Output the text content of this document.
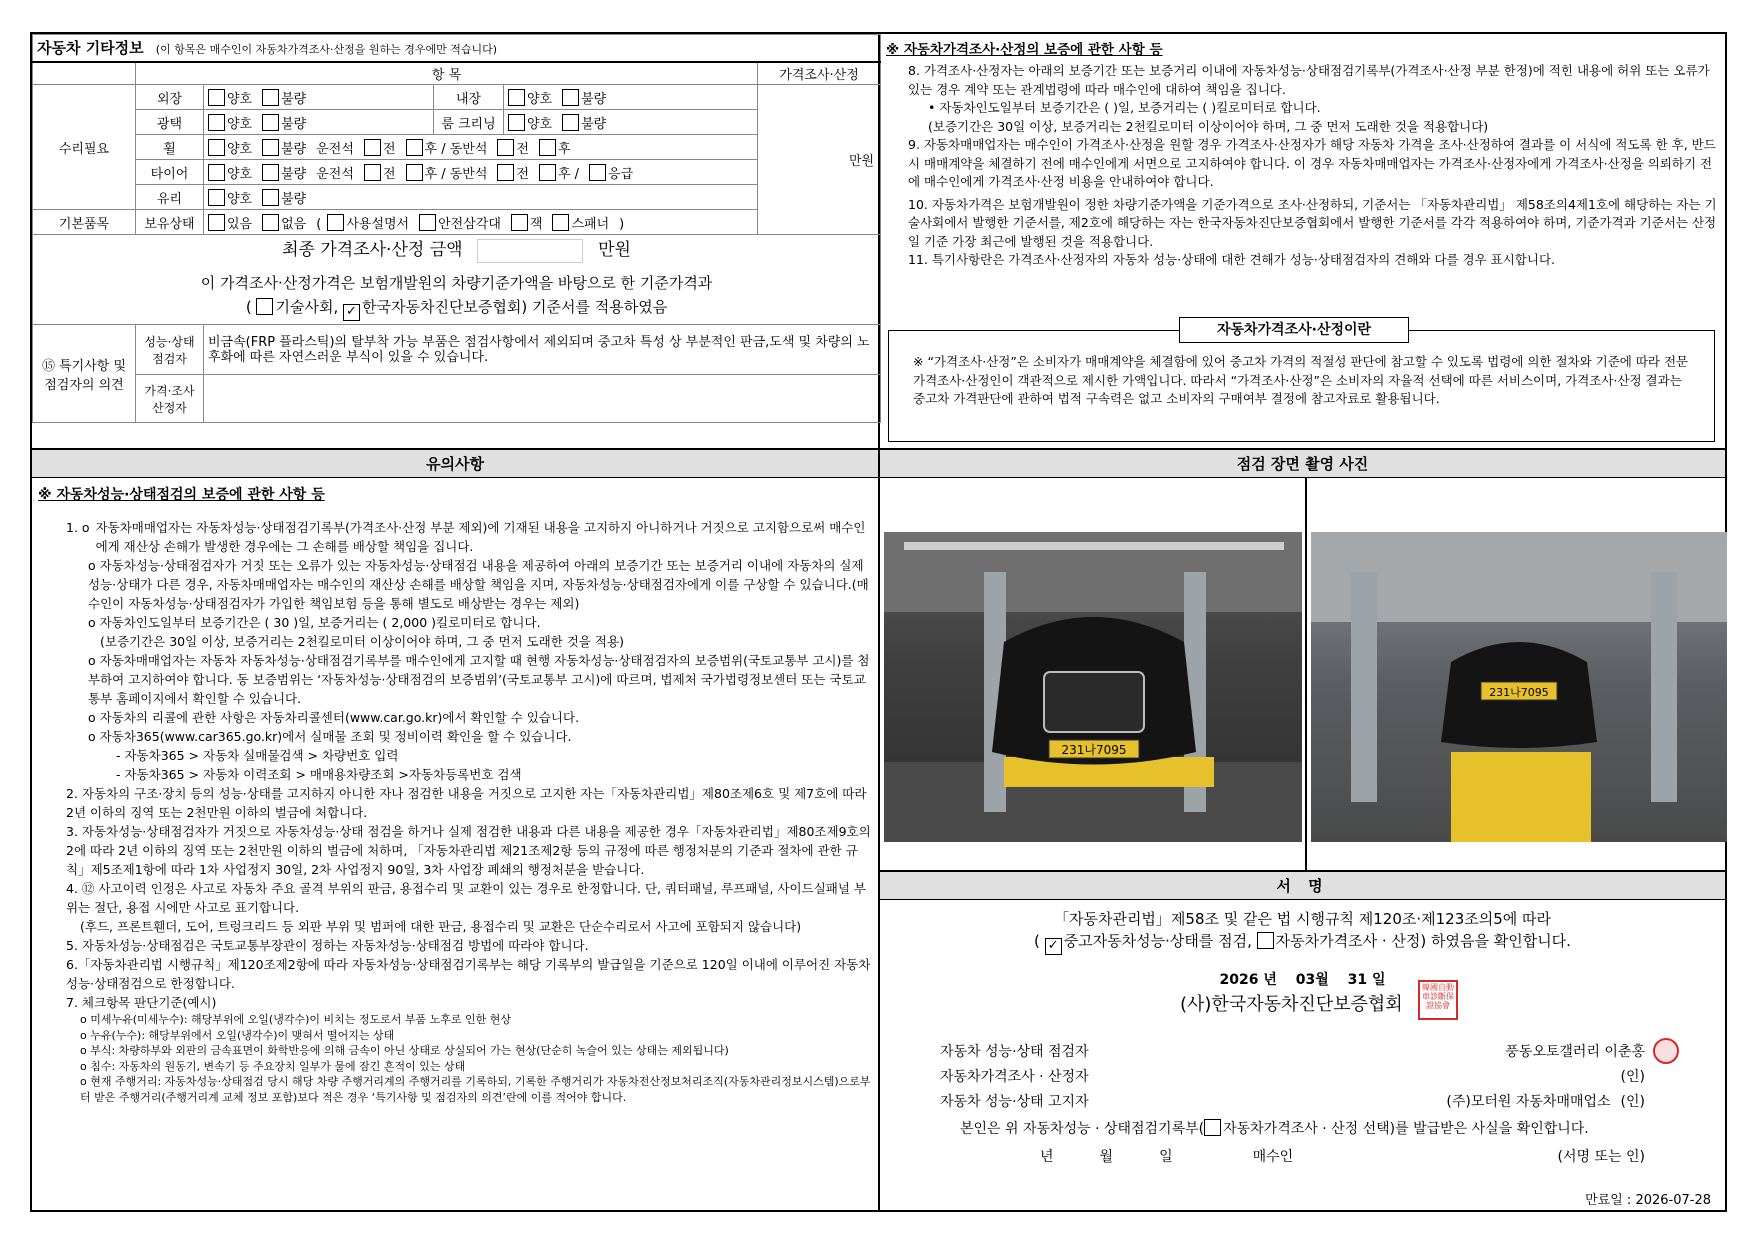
자동차 기타정보 (이 항목은 매수인이 자동차가격조사·산정을 원하는 경우에만 적습니다)					
	항 목				가격조사·산정
수리필요	외장	양호 불량	내장	양호 불량	만원
	광택	양호 불량	룸 크리닝	양호 불량	
	휠	양호 불량 운전석 전 후 / 동반석 전 후			
	타이어	양호 불량 운전석 전 후 / 동반석 전 후 / 응급			
	유리	양호 불량			
기본품목	보유상태	있음 없음 ( 사용설명서 안전삼각대 잭 스패너 )			

최종 가격조사·산정 금액 만원
이 가격조사·산정가격은 보험개발원의 차량기준가액을 바탕으로 한 기준가격과
( 기술사회, ✓ 한국자동차진단보증협회) 기준서를 적용하였음					

⑮ 특기사항 및 점검자의 의견	성능·상태점검자	비금속(FRP 플라스틱)의 탈부착 가능 부품은 점검사항에서 제외되며 중고차 특성 상 부분적인 판금,도색 및 차량의 노후화에 따른 자연스러운 부식이 있을 수 있습니다.			
	가격·조사산정자				
유의사항
※ 자동차성능·상태점검의 보증에 관한 사항 등
1. ο 자동차매매업자는 자동차성능·상태점검기록부(가격조사·산정 부분 제외)에 기재된 내용을 고지하지 아니하거나 거짓으로 고지함으로써 매수인에게 재산상 손해가 발생한 경우에는 그 손해를 배상할 책임을 집니다.
ο 자동차성능·상태점검자가 거짓 또는 오류가 있는 자동차성능·상태점검 내용을 제공하여 아래의 보증기간 또는 보증거리 이내에 자동차의 실제 성능·상태가 다른 경우, 자동차매매업자는 매수인의 재산상 손해를 배상할 책임을 지며, 자동차성능·상태점검자에게 이를 구상할 수 있습니다.(매수인이 자동차성능·상태점검자가 가입한 책임보험 등을 통해 별도로 배상받는 경우는 제외)
ο 자동차인도일부터 보증기간은 ( 30 )일, 보증거리는 ( 2,000 )킬로미터로 합니다.
(보증기간은 30일 이상, 보증거리는 2천킬로미터 이상이어야 하며, 그 중 먼저 도래한 것을 적용)
ο 자동차매매업자는 자동차 자동차성능·상태점검기록부를 매수인에게 고지할 때 현행 자동차성능·상태점검자의 보증범위(국토교통부 고시)를 첨부하여 고지하여야 합니다. 동 보증범위는 ‘자동차성능·상태점검의 보증범위’(국토교통부 고시)에 따르며, 법제처 국가법령정보센터 또는 국토교통부 홈페이지에서 확인할 수 있습니다.
ο 자동차의 리콜에 관한 사항은 자동차리콜센터(www.car.go.kr)에서 확인할 수 있습니다.
ο 자동차365(www.car365.go.kr)에서 실매물 조회 및 정비이력 확인을 할 수 있습니다.
- 자동차365 > 자동차 실매물검색 > 차량번호 입력
- 자동차365 > 자동차 이력조회 > 매매용차량조회 >자동차등록번호 검색
2. 자동차의 구조·장치 등의 성능·상태를 고지하지 아니한 자나 점검한 내용을 거짓으로 고지한 자는「자동차관리법」제80조제6호 및 제7호에 따라 2년 이하의 징역 또는 2천만원 이하의 벌금에 처합니다.
3. 자동차성능·상태점검자가 거짓으로 자동차성능·상태 점검을 하거나 실제 점검한 내용과 다른 내용을 제공한 경우「자동차관리법」제80조제9호의2에 따라 2년 이하의 징역 또는 2천만원 이하의 벌금에 처하며, 「자동차관리법 제21조제2항 등의 규정에 따른 행정처분의 기준과 절차에 관한 규칙」제5조제1항에 따라 1차 사업정지 30일, 2차 사업정지 90일, 3차 사업장 폐쇄의 행정처분을 받습니다.
4. ⑫ 사고이력 인정은 사고로 자동차 주요 골격 부위의 판금, 용접수리 및 교환이 있는 경우로 한정합니다. 단, 쿼터패널, 루프패널, 사이드실패널 부위는 절단, 용접 시에만 사고로 표기합니다.
(후드, 프론트휀더, 도어, 트렁크리드 등 외판 부위 및 범퍼에 대한 판금, 용접수리 및 교환은 단순수리로서 사고에 포함되지 않습니다)
5. 자동차성능·상태점검은 국토교통부장관이 정하는 자동차성능·상태점검 방법에 따라야 합니다.
6.「자동차관리법 시행규칙」제120조제2항에 따라 자동차성능·상태점검기록부는 해당 기록부의 발급일을 기준으로 120일 이내에 이루어진 자동차 성능·상태점검으로 한정합니다.
7. 체크항목 판단기준(예시)
ο 미세누유(미세누수): 해당부위에 오일(냉각수)이 비치는 정도로서 부품 노후로 인한 현상
ο 누유(누수): 해당부위에서 오일(냉각수)이 맺혀서 떨어지는 상태
ο 부식: 차량하부와 외판의 금속표면이 화학반응에 의해 금속이 아닌 상태로 상실되어 가는 현상(단순히 녹슬어 있는 상태는 제외됩니다)
ο 침수: 자동차의 원동기, 변속기 등 주요장치 일부가 물에 잠긴 흔적이 있는 상태
ο 현재 주행거리: 자동차성능·상태점검 당시 해당 차량 주행거리계의 주행거리를 기록하되, 기록한 주행거리가 자동차전산정보처리조직(자동차관리정보시스템)으로부터 받은 주행거리(주행거리계 교체 정보 포함)보다 적은 경우 ‘특기사항 및 점검자의 의견’란에 이를 적어야 합니다.
※ 자동차가격조사·산정의 보증에 관한 사항 등
8. 가격조사·산정자는 아래의 보증기간 또는 보증거리 이내에 자동차성능·상태점검기록부(가격조사·산정 부분 한정)에 적힌 내용에 허위 또는 오류가 있는 경우 계약 또는 관계법령에 따라 매수인에 대하여 책임을 집니다.
• 자동차인도일부터 보증기간은 ( )일, 보증거리는 ( )킬로미터로 합니다.
(보증기간은 30일 이상, 보증거리는 2천킬로미터 이상이어야 하며, 그 중 먼저 도래한 것을 적용합니다)
9. 자동차매매업자는 매수인이 가격조사·산정을 원할 경우 가격조사·산정자가 해당 자동차 가격을 조사·산정하여 결과를 이 서식에 적도록 한 후, 반드시 매매계약을 체결하기 전에 매수인에게 서면으로 고지하여야 합니다. 이 경우 자동차매매업자는 가격조사·산정자에게 가격조사·산정을 의뢰하기 전에 매수인에게 가격조사·산정 비용을 안내하여야 합니다.
10. 자동차가격은 보험개발원이 정한 차량기준가액을 기준가격으로 조사·산정하되, 기준서는 「자동차관리법」 제58조의4제1호에 해당하는 자는 기술사회에서 발행한 기준서를, 제2호에 해당하는 자는 한국자동차진단보증협회에서 발행한 기준서를 각각 적용하여야 하며, 기준가격과 기준서는 산정일 기준 가장 최근에 발행된 것을 적용합니다.
11. 특기사항란은 가격조사·산정자의 자동차 성능·상태에 대한 견해가 성능·상태점검자의 견해와 다를 경우 표시합니다.
자동차가격조사·산정이란
※ “가격조사·산정”은 소비자가 매매계약을 체결함에 있어 중고차 가격의 적절성 판단에 참고할 수 있도록 법령에 의한 절차와 기준에 따라 전문 가격조사·산정인이 객관적으로 제시한 가액입니다. 따라서 “가격조사·산정”은 소비자의 자율적 선택에 따른 서비스이며, 가격조사·산정 결과는 중고차 가격판단에 관하여 법적 구속력은 없고 소비자의 구매여부 결정에 참고자료로 활용됩니다.
점검 장면 촬영 사진
231나7095
231나7095
서 명
「자동차관리법」제58조 및 같은 법 시행규칙 제120조·제123조의5에 따라
( ✓ 중고자동차성능·상태를 점검, 자동차가격조사 · 산정) 하였음을 확인합니다.
2026 년 03월 31 일
(사)한국자동차진단보증협회
韓國自動車診斷保證協會
자동차 성능·상태 점검자	풍동오토갤러리 이춘홍
자동차가격조사 · 산정자	(인)
자동차 성능·상태 고지자	(주)모터원 자동차매매업소 (인)
본인은 위 자동차성능 · 상태점검기록부( 자동차가격조사 · 산정 선택)를 발급받은 사실을 확인합니다.
년	월	일	매수인	(서명 또는 인)
만료일 : 2026-07-28
